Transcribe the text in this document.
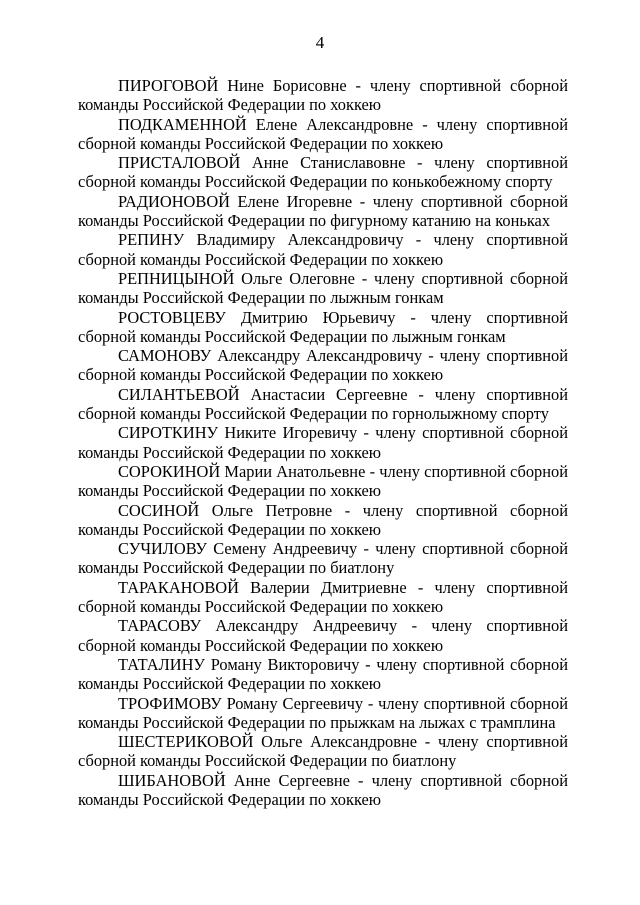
4

ПИРОГОВОЙ Нине Борисовне - члену спортивной сборной команды Российской Федерации по хоккею

ПОДКАМЕННОЙ Елене Александровне - члену спортивной сборной команды Российской Федерации по хоккею

ПРИСТАЛОВОЙ Анне Станиславовне - члену спортивной сборной команды Российской Федерации по конькобежному спорту

РАДИОНОВОЙ Елене Игоревне - члену спортивной сборной команды Российской Федерации по фигурному катанию на коньках

РЕПИНУ Владимиру Александровичу - члену спортивной сборной команды Российской Федерации по хоккею

РЕПНИЦЫНОЙ Ольге Олеговне - члену спортивной сборной команды Российской Федерации по лыжным гонкам

РОСТОВЦЕВУ Дмитрию Юрьевичу - члену спортивной сборной команды Российской Федерации по лыжным гонкам

САМОНОВУ Александру Александровичу - члену спортивной сборной команды Российской Федерации по хоккею

СИЛАНТЬЕВОЙ Анастасии Сергеевне - члену спортивной сборной команды Российской Федерации по горнолыжному спорту

СИРОТКИНУ Никите Игоревичу - члену спортивной сборной команды Российской Федерации по хоккею

СОРОКИНОЙ Марии Анатольевне - члену спортивной сборной команды Российской Федерации по хоккею

СОСИНОЙ Ольге Петровне - члену спортивной сборной команды Российской Федерации по хоккею

СУЧИЛОВУ Семену Андреевичу - члену спортивной сборной команды Российской Федерации по биатлону

ТАРАКАНОВОЙ Валерии Дмитриевне - члену спортивной сборной команды Российской Федерации по хоккею

ТАРАСОВУ Александру Андреевичу - члену спортивной сборной команды Российской Федерации по хоккею

ТАТАЛИНУ Роману Викторовичу - члену спортивной сборной команды Российской Федерации по хоккею

ТРОФИМОВУ Роману Сергеевичу - члену спортивной сборной команды Российской Федерации по прыжкам на лыжах с трамплина

ШЕСТЕРИКОВОЙ Ольге Александровне - члену спортивной сборной команды Российской Федерации по биатлону

ШИБАНОВОЙ Анне Сергеевне - члену спортивной сборной команды Российской Федерации по хоккею
